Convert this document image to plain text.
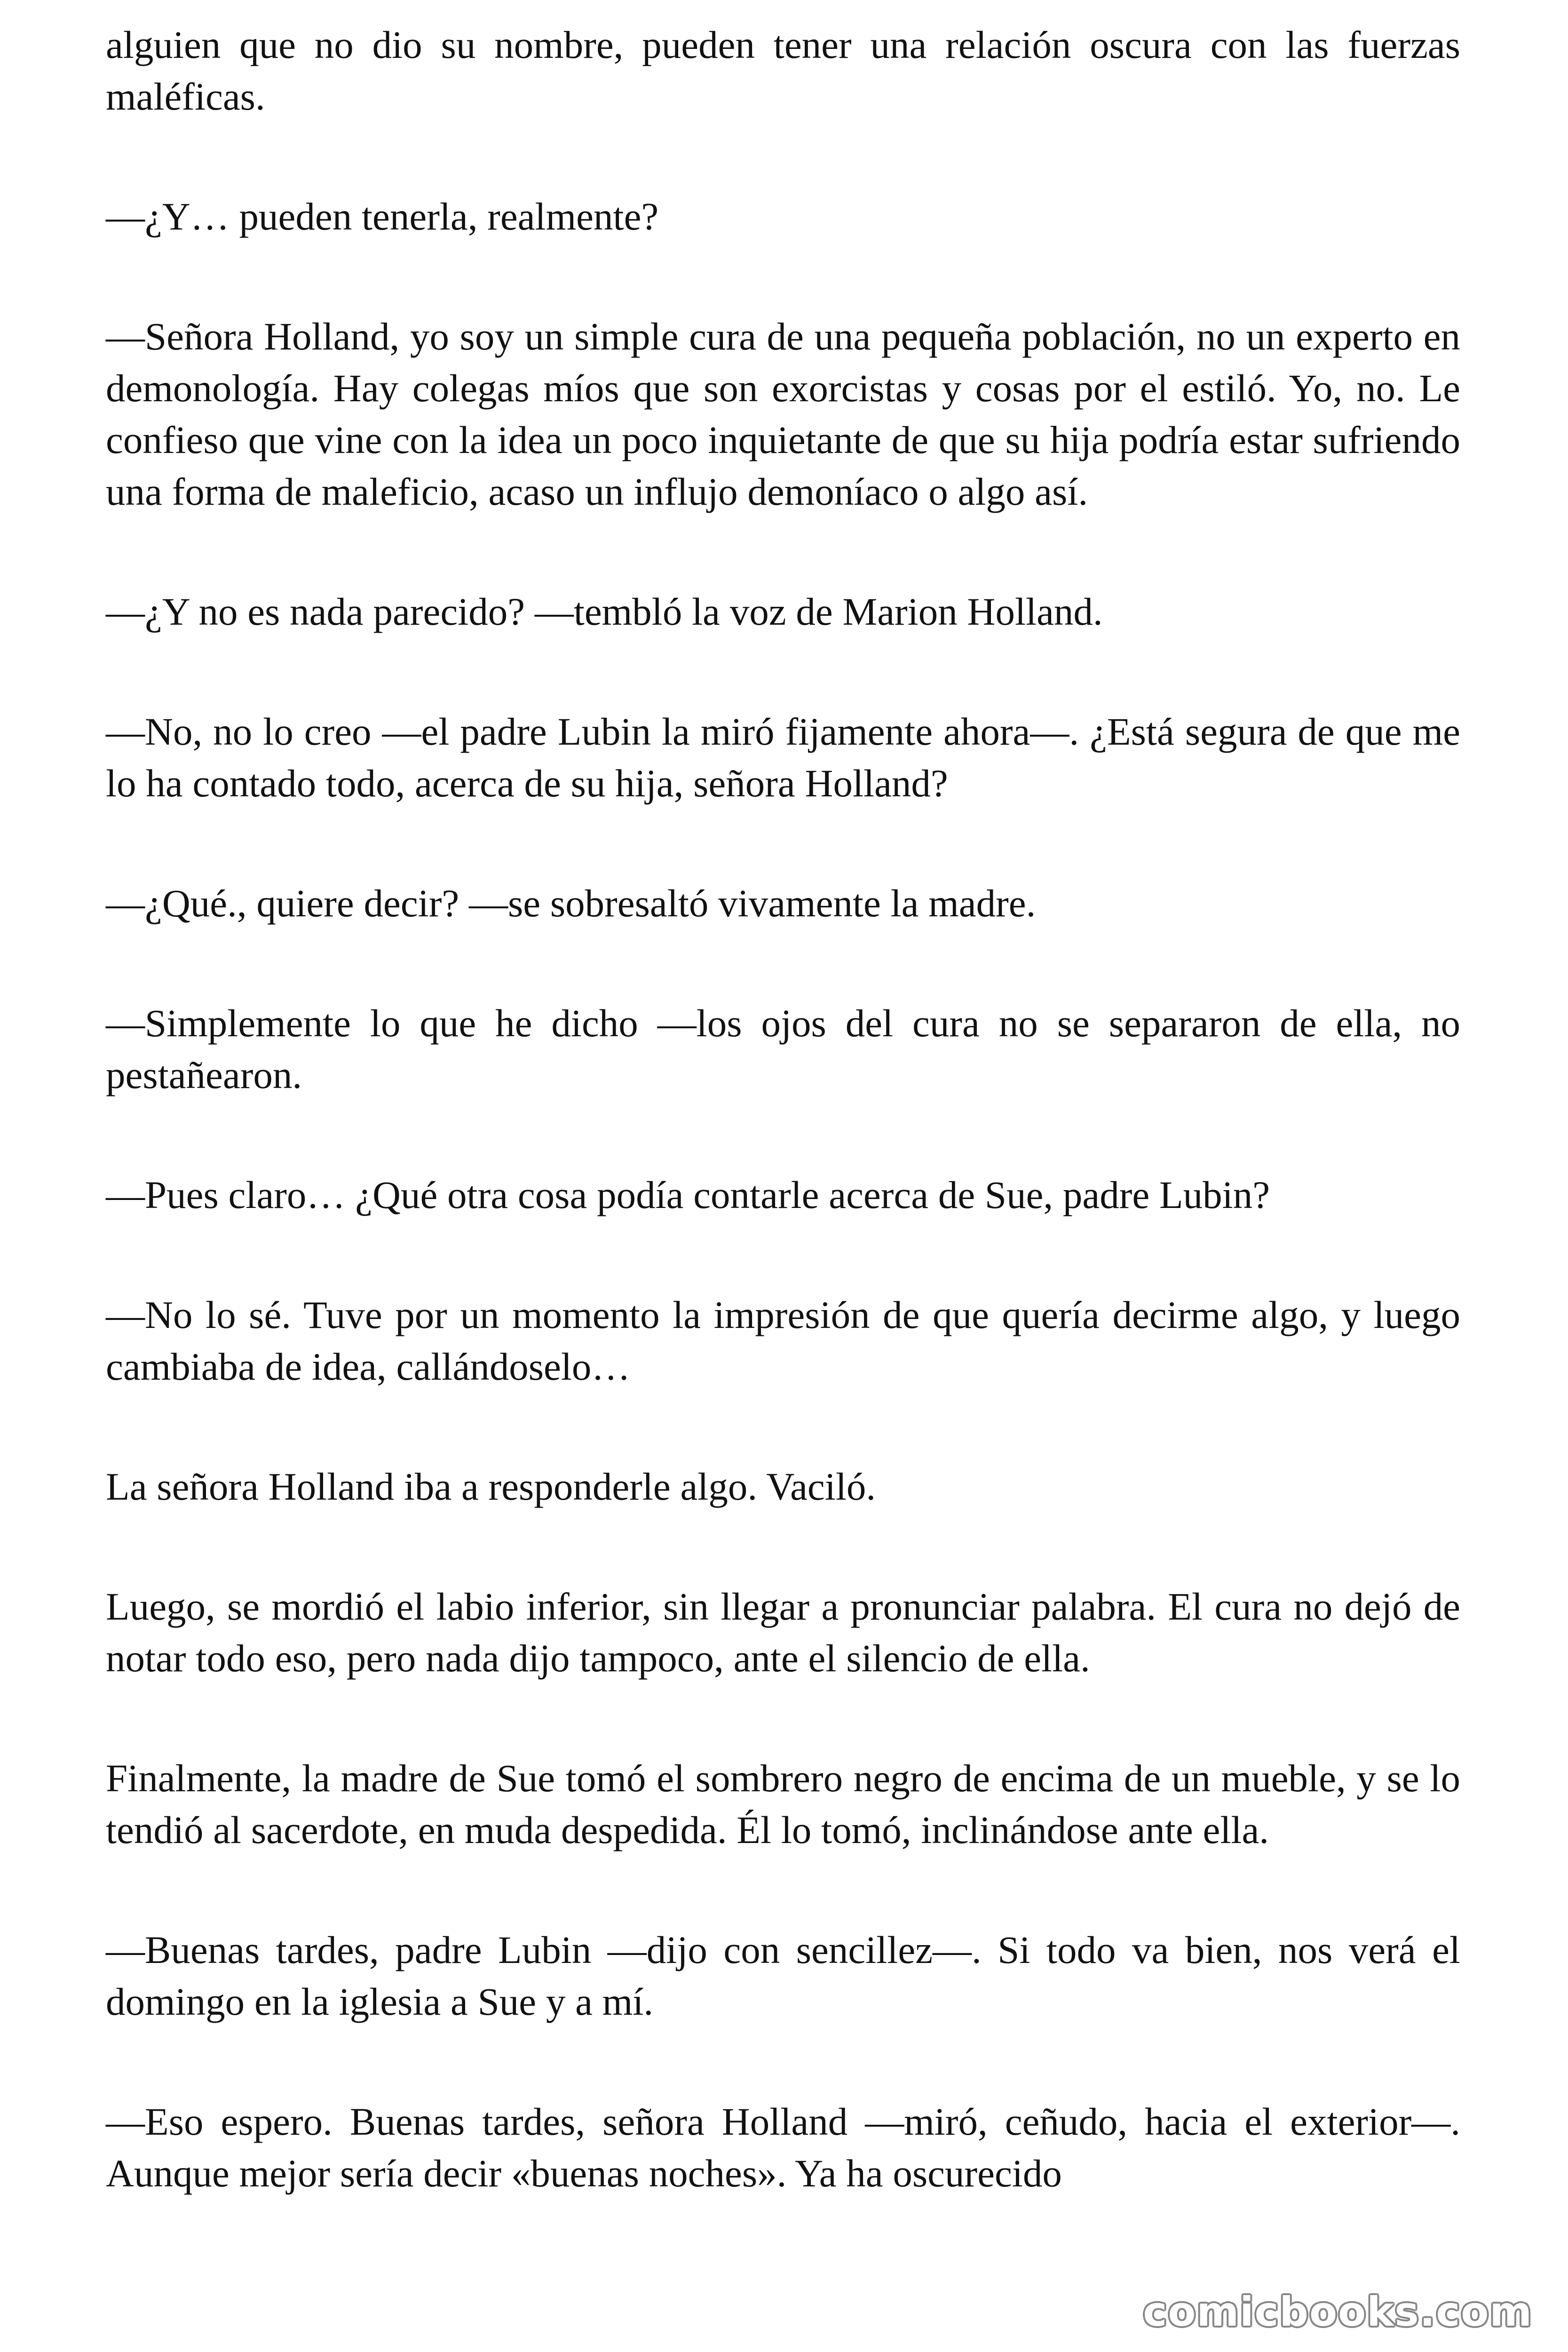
alguien que no dio su nombre, pueden tener una relación oscura con las fuerzas maléficas.

—¿Y… pueden tenerla, realmente?

—Señora Holland, yo soy un simple cura de una pequeña población, no un experto en demonología. Hay colegas míos que son exorcistas y cosas por el estiló. Yo, no. Le confieso que vine con la idea un poco inquietante de que su hija podría estar sufriendo una forma de maleficio, acaso un influjo demoníaco o algo así.

—¿Y no es nada parecido? —tembló la voz de Marion Holland.

—No, no lo creo —el padre Lubin la miró fijamente ahora—. ¿Está segura de que me lo ha contado todo, acerca de su hija, señora Holland?

—¿Qué., quiere decir? —se sobresaltó vivamente la madre.

—Simplemente lo que he dicho —los ojos del cura no se separaron de ella, no pestañearon.

—Pues claro… ¿Qué otra cosa podía contarle acerca de Sue, padre Lubin?

—No lo sé. Tuve por un momento la impresión de que quería decirme algo, y luego cambiaba de idea, callándoselo…

La señora Holland iba a responderle algo. Vaciló.

Luego, se mordió el labio inferior, sin llegar a pronunciar palabra. El cura no dejó de notar todo eso, pero nada dijo tampoco, ante el silencio de ella.

Finalmente, la madre de Sue tomó el sombrero negro de encima de un mueble, y se lo tendió al sacerdote, en muda despedida. Él lo tomó, inclinándose ante ella.

—Buenas tardes, padre Lubin —dijo con sencillez—. Si todo va bien, nos verá el domingo en la iglesia a Sue y a mí.

—Eso espero. Buenas tardes, señora Holland —miró, ceñudo, hacia el exterior—. Aunque mejor sería decir «buenas noches». Ya ha oscurecido

comicbooks.com
